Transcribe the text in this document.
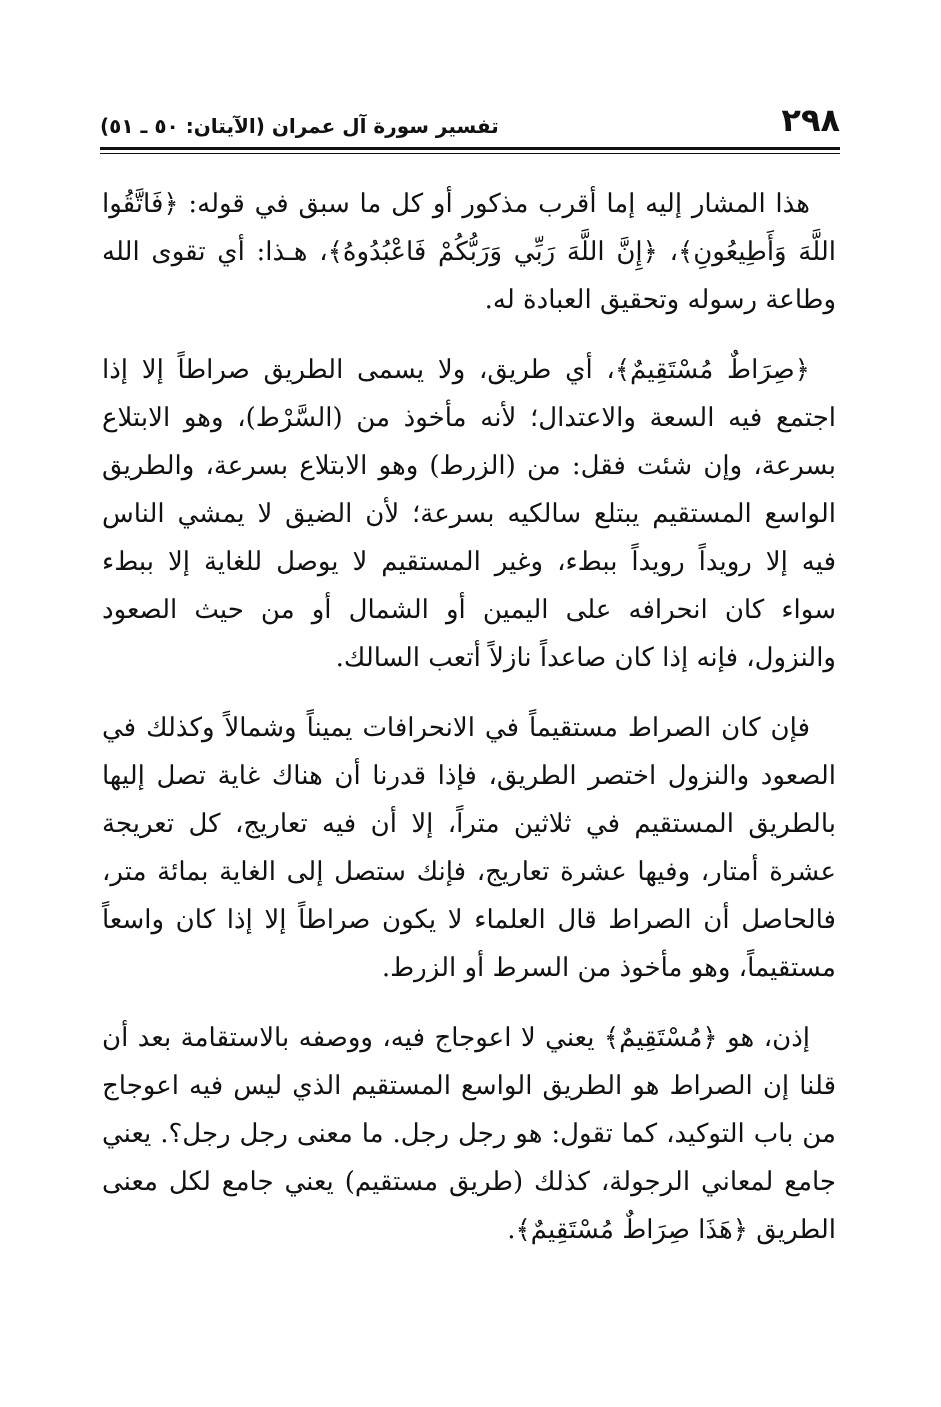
٢٩٨
تفسير سورة آل عمران (الآيتان: ٥٠ ـ ٥١)

هذا المشار إليه إما أقرب مذكور أو كل ما سبق في قوله: ﴿فَاتَّقُوا اللَّهَ وَأَطِيعُونِ﴾، ﴿إِنَّ اللَّهَ رَبِّي وَرَبُّكُمْ فَاعْبُدُوهُ﴾، هـذا: أي تقوى الله وطاعة رسوله وتحقيق العبادة له.

﴿صِرَاطٌ مُسْتَقِيمٌ﴾، أي طريق، ولا يسمى الطريق صراطاً إلا إذا اجتمع فيه السعة والاعتدال؛ لأنه مأخوذ من (السَّرْط)، وهو الابتلاع بسرعة، وإن شئت فقل: من (الزرط) وهو الابتلاع بسرعة، والطريق الواسع المستقيم يبتلع سالكيه بسرعة؛ لأن الضيق لا يمشي الناس فيه إلا رويداً رويداً ببطء، وغير المستقيم لا يوصل للغاية إلا ببطء سواء كان انحرافه على اليمين أو الشمال أو من حيث الصعود والنزول، فإنه إذا كان صاعداً نازلاً أتعب السالك.

فإن كان الصراط مستقيماً في الانحرافات يميناً وشمالاً وكذلك في الصعود والنزول اختصر الطريق، فإذا قدرنا أن هناك غاية تصل إليها بالطريق المستقيم في ثلاثين متراً، إلا أن فيه تعاريج، كل تعريجة عشرة أمتار، وفيها عشرة تعاريج، فإنك ستصل إلى الغاية بمائة متر، فالحاصل أن الصراط قال العلماء لا يكون صراطاً إلا إذا كان واسعاً مستقيماً، وهو مأخوذ من السرط أو الزرط.

إذن، هو ﴿مُسْتَقِيمٌ﴾ يعني لا اعوجاج فيه، ووصفه بالاستقامة بعد أن قلنا إن الصراط هو الطريق الواسع المستقيم الذي ليس فيه اعوجاج من باب التوكيد، كما تقول: هو رجل رجل. ما معنى رجل رجل؟. يعني جامع لمعاني الرجولة، كذلك (طريق مستقيم) يعني جامع لكل معنى الطريق ﴿هَذَا صِرَاطٌ مُسْتَقِيمٌ﴾.
